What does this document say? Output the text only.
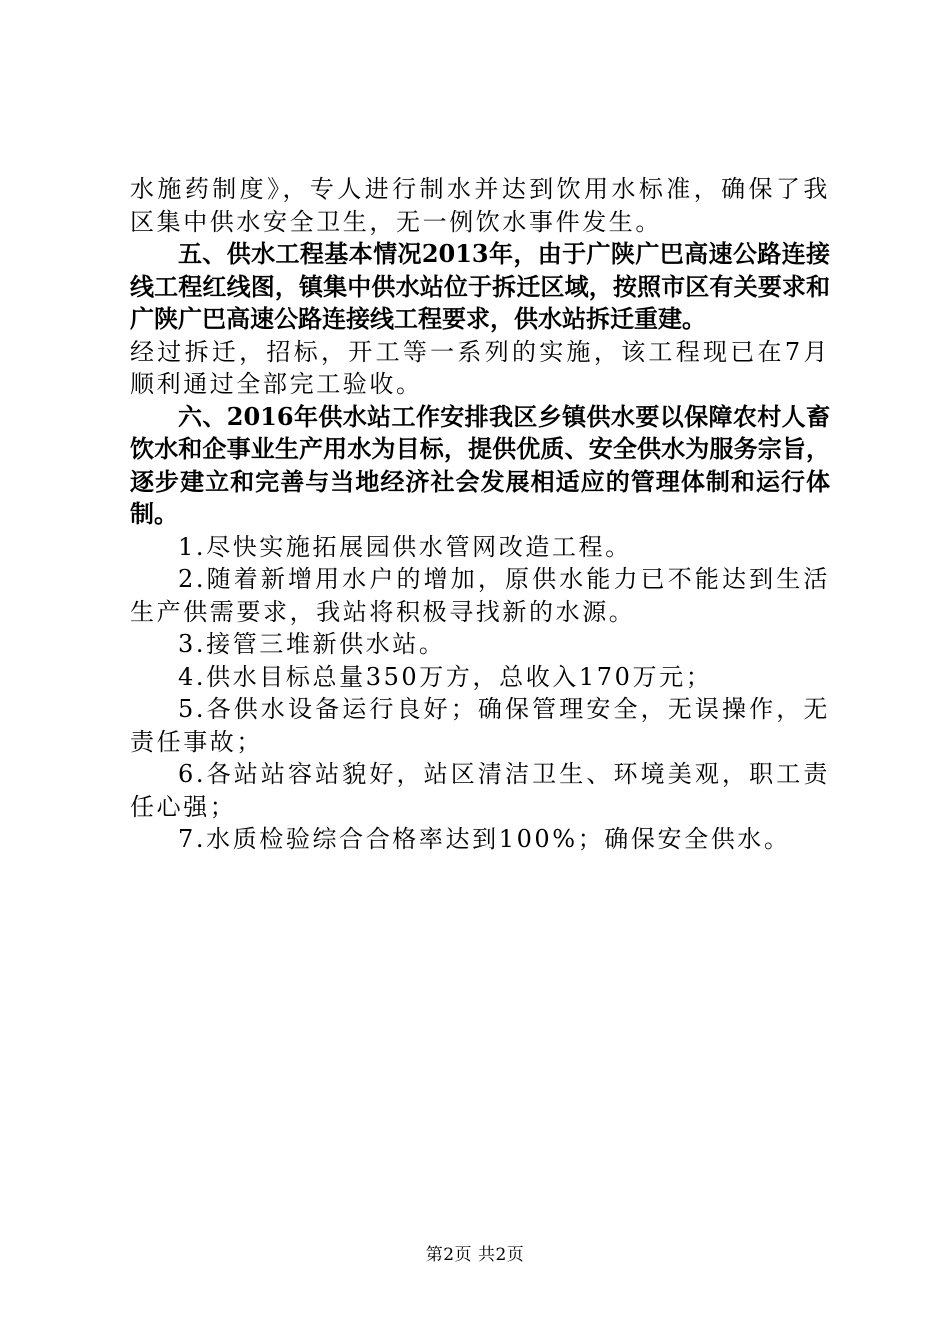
水施药制度》，专人进行制水并达到饮用水标准，确保了我区集中供水安全卫生，无一例饮水事件发生。

五、供水工程基本情况2013年，由于广陕广巴高速公路连接线工程红线图，镇集中供水站位于拆迁区域，按照市区有关要求和广陕广巴高速公路连接线工程要求，供水站拆迁重建。

经过拆迁，招标，开工等一系列的实施，该工程现已在7月顺利通过全部完工验收。

六、2016年供水站工作安排我区乡镇供水要以保障农村人畜饮水和企事业生产用水为目标，提供优质、安全供水为服务宗旨，逐步建立和完善与当地经济社会发展相适应的管理体制和运行体制。

1.尽快实施拓展园供水管网改造工程。

2.随着新增用水户的增加，原供水能力已不能达到生活生产供需要求，我站将积极寻找新的水源。

3.接管三堆新供水站。

4.供水目标总量350万方，总收入170万元；

5.各供水设备运行良好；确保管理安全，无误操作，无责任事故；

6.各站站容站貌好，站区清洁卫生、环境美观，职工责任心强；

7.水质检验综合合格率达到100%；确保安全供水。

第2页 共2页
